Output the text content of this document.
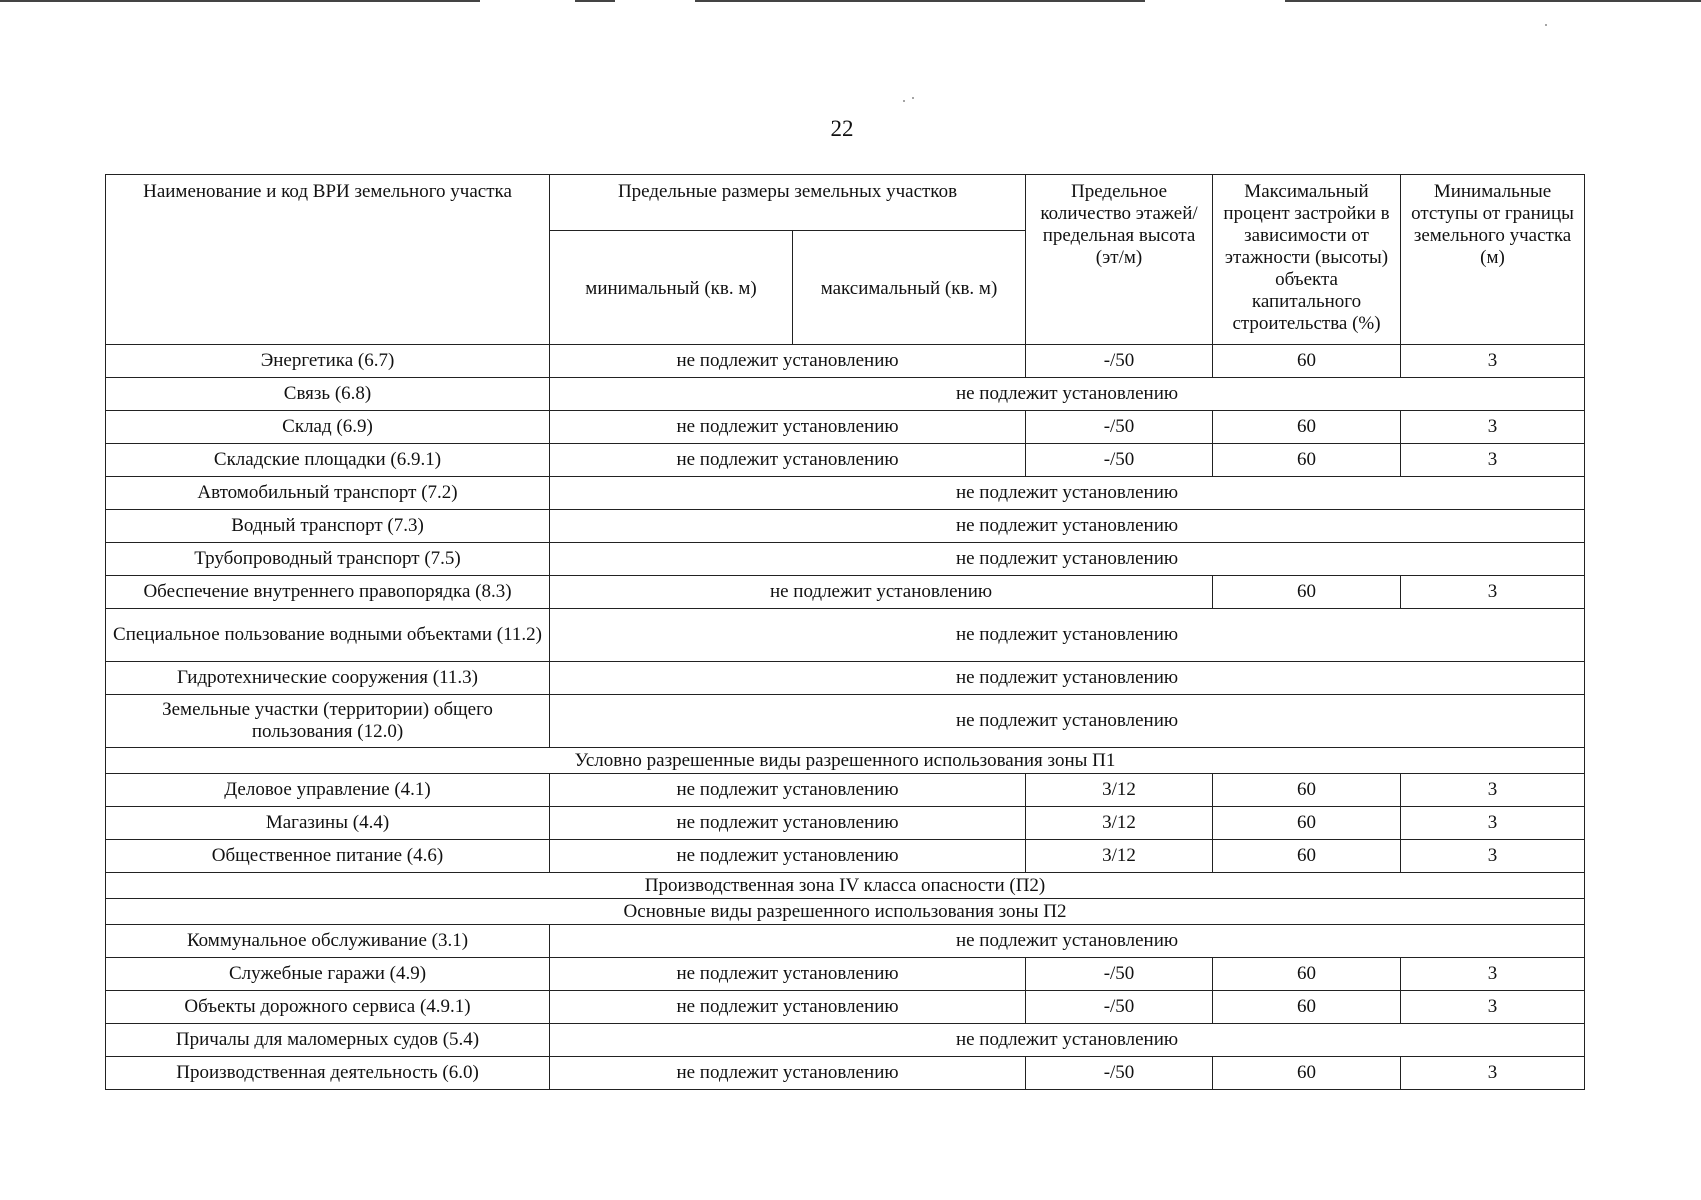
22
Наименование и код ВРИ земельного участка	Предельные размеры земельных участков		Предельное количество этажей/ предельная высота (эт/м)	Максимальный процент застройки в зависимости от этажности (высоты) объекта капитального строительства (%)	Минимальные отступы от границы земельного участка (м)
	минимальный (кв. м)	максимальный (кв. м)			
Энергетика (6.7)	не подлежит установлению		-/50	60	3
Связь (6.8)	не подлежит установлению				
Склад (6.9)	не подлежит установлению		-/50	60	3
Складские площадки (6.9.1)	не подлежит установлению		-/50	60	3
Автомобильный транспорт (7.2)	не подлежит установлению				
Водный транспорт (7.3)	не подлежит установлению				
Трубопроводный транспорт (7.5)	не подлежит установлению				
Обеспечение внутреннего правопорядка (8.3)	не подлежит установлению			60	3
Специальное пользование водными объектами (11.2)	не подлежит установлению				
Гидротехнические сооружения (11.3)	не подлежит установлению				
Земельные участки (территории) общего пользования (12.0)	не подлежит установлению				
Условно разрешенные виды разрешенного использования зоны П1					
Деловое управление (4.1)	не подлежит установлению		3/12	60	3
Магазины (4.4)	не подлежит установлению		3/12	60	3
Общественное питание (4.6)	не подлежит установлению		3/12	60	3
Производственная зона IV класса опасности (П2)					
Основные виды разрешенного использования зоны П2					
Коммунальное обслуживание (3.1)	не подлежит установлению				
Служебные гаражи (4.9)	не подлежит установлению		-/50	60	3
Объекты дорожного сервиса (4.9.1)	не подлежит установлению		-/50	60	3
Причалы для маломерных судов (5.4)	не подлежит установлению				
Производственная деятельность (6.0)	не подлежит установлению		-/50	60	3
